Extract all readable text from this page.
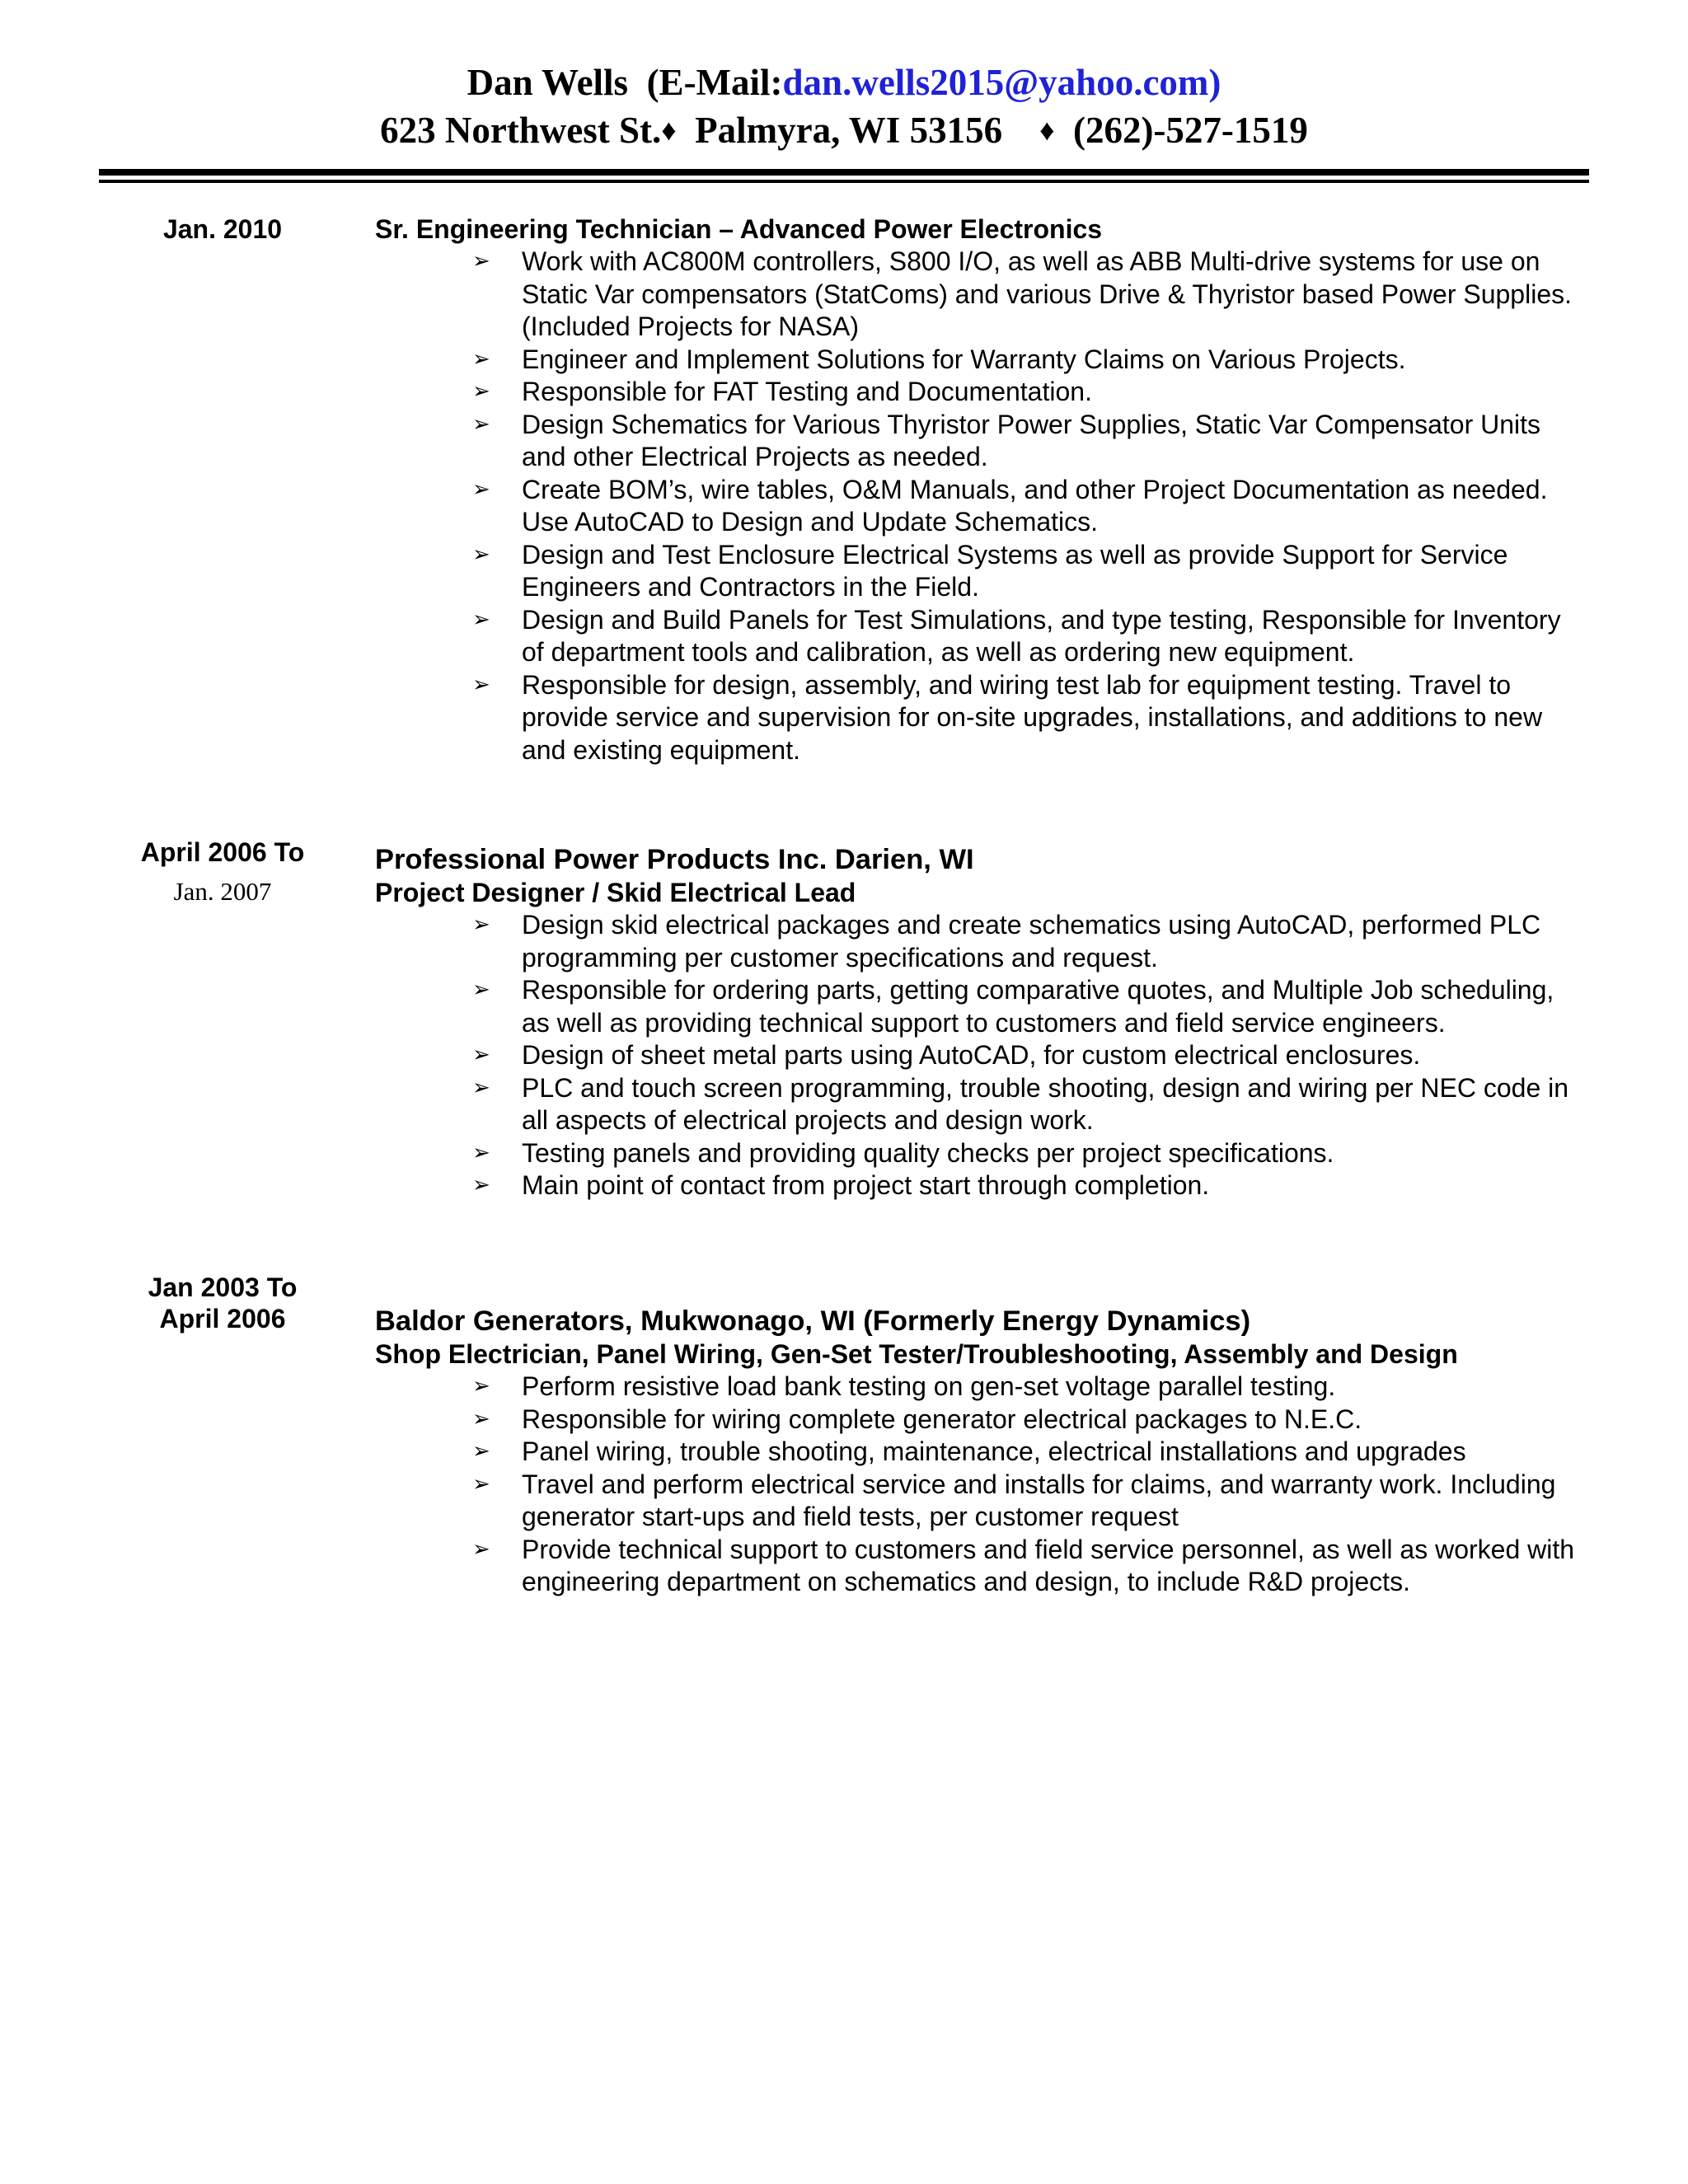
Dan Wells (E-Mail:dan.wells2015@yahoo.com)
623 Northwest St.♦ Palmyra, WI 53156 ♦ (262)-527-1519
Jan. 2010	Sr. Engineering Technician – Advanced Power Electronics
➢ Work with AC800M controllers, S800 I/O, as well as ABB Multi-drive systems for use on Static Var compensators (StatComs) and various Drive & Thyristor based Power Supplies. (Included Projects for NASA)
➢ Engineer and Implement Solutions for Warranty Claims on Various Projects.
➢ Responsible for FAT Testing and Documentation.
➢ Design Schematics for Various Thyristor Power Supplies, Static Var Compensator Units and other Electrical Projects as needed.
➢ Create BOM’s, wire tables, O&M Manuals, and other Project Documentation as needed. Use AutoCAD to Design and Update Schematics.
➢ Design and Test Enclosure Electrical Systems as well as provide Support for Service Engineers and Contractors in the Field.
➢ Design and Build Panels for Test Simulations, and type testing, Responsible for Inventory of department tools and calibration, as well as ordering new equipment.
➢ Responsible for design, assembly, and wiring test lab for equipment testing. Travel to provide service and supervision for on-site upgrades, installations, and additions to new and existing equipment.
April 2006 To
Jan. 2007
Professional Power Products Inc. Darien, WI
Project Designer / Skid Electrical Lead
➢ Design skid electrical packages and create schematics using AutoCAD, performed PLC programming per customer specifications and request.
➢ Responsible for ordering parts, getting comparative quotes, and Multiple Job scheduling, as well as providing technical support to customers and field service engineers.
➢ Design of sheet metal parts using AutoCAD, for custom electrical enclosures.
➢ PLC and touch screen programming, trouble shooting, design and wiring per NEC code in all aspects of electrical projects and design work.
➢ Testing panels and providing quality checks per project specifications.
➢ Main point of contact from project start through completion.
Jan 2003 To
April 2006	Baldor Generators, Mukwonago, WI (Formerly Energy Dynamics)
Shop Electrician, Panel Wiring, Gen-Set Tester/Troubleshooting, Assembly and Design
➢ Perform resistive load bank testing on gen-set voltage parallel testing.
➢ Responsible for wiring complete generator electrical packages to N.E.C.
➢ Panel wiring, trouble shooting, maintenance, electrical installations and upgrades
➢ Travel and perform electrical service and installs for claims, and warranty work. Including generator start-ups and field tests, per customer request
➢ Provide technical support to customers and field service personnel, as well as worked with engineering department on schematics and design, to include R&D projects.
